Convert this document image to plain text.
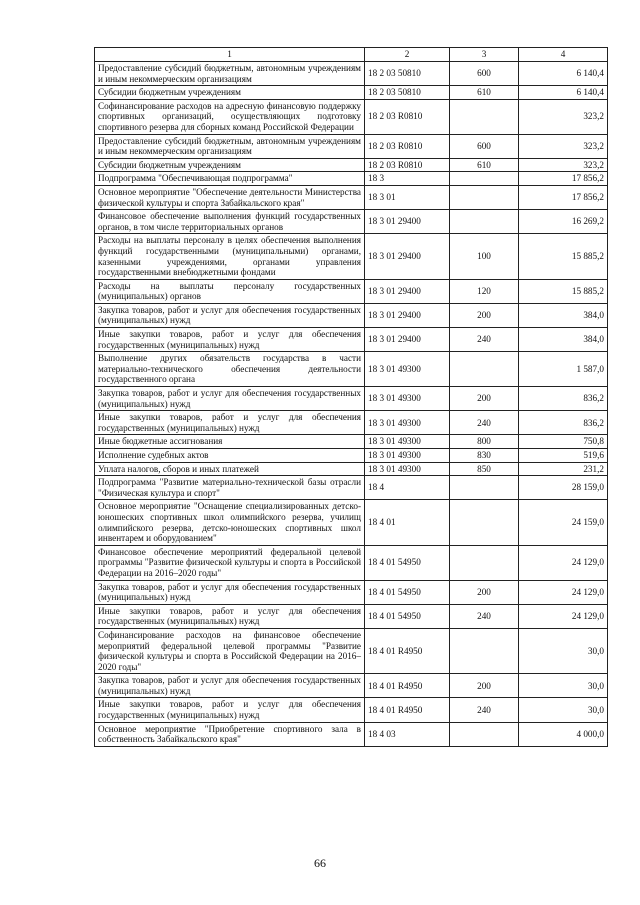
1	2	3	4
Предоставление субсидий бюджетным, автономным учреждениям и иным некоммерческим организациям	18 2 03 50810	600	6 140,4
Субсидии бюджетным учреждениям	18 2 03 50810	610	6 140,4
Софинансирование расходов на адресную финансовую поддержку спортивных организаций, осуществляющих подготовку спортивного резерва для сборных команд Российской Федерации	18 2 03 R0810		323,2
Предоставление субсидий бюджетным, автономным учреждениям и иным некоммерческим организациям	18 2 03 R0810	600	323,2
Субсидии бюджетным учреждениям	18 2 03 R0810	610	323,2
Подпрограмма "Обеспечивающая подпрограмма"	18 3		17 856,2
Основное мероприятие "Обеспечение деятельности Министерства физической культуры и спорта Забайкальского края"	18 3 01		17 856,2
Финансовое обеспечение выполнения функций государственных органов, в том числе территориальных органов	18 3 01 29400		16 269,2
Расходы на выплаты персоналу в целях обеспечения выполнения функций государственными (муниципальными) органами, казенными учреждениями, органами управления государственными внебюджетными фондами	18 3 01 29400	100	15 885,2
Расходы на выплаты персоналу государственных (муниципальных) органов	18 3 01 29400	120	15 885,2
Закупка товаров, работ и услуг для обеспечения государственных (муниципальных) нужд	18 3 01 29400	200	384,0
Иные закупки товаров, работ и услуг для обеспечения государственных (муниципальных) нужд	18 3 01 29400	240	384,0
Выполнение других обязательств государства в части материально-технического обеспечения деятельности государственного органа	18 3 01 49300		1 587,0
Закупка товаров, работ и услуг для обеспечения государственных (муниципальных) нужд	18 3 01 49300	200	836,2
Иные закупки товаров, работ и услуг для обеспечения государственных (муниципальных) нужд	18 3 01 49300	240	836,2
Иные бюджетные ассигнования	18 3 01 49300	800	750,8
Исполнение судебных актов	18 3 01 49300	830	519,6
Уплата налогов, сборов и иных платежей	18 3 01 49300	850	231,2
Подпрограмма "Развитие материально-технической базы отрасли "Физическая культура и спорт"	18 4		28 159,0
Основное мероприятие "Оснащение специализированных детско-юношеских спортивных школ олимпийского резерва, училищ олимпийского резерва, детско-юношеских спортивных школ инвентарем и оборудованием"	18 4 01		24 159,0
Финансовое обеспечение мероприятий федеральной целевой программы "Развитие физической культуры и спорта в Российской Федерации на 2016–2020 годы"	18 4 01 54950		24 129,0
Закупка товаров, работ и услуг для обеспечения государственных (муниципальных) нужд	18 4 01 54950	200	24 129,0
Иные закупки товаров, работ и услуг для обеспечения государственных (муниципальных) нужд	18 4 01 54950	240	24 129,0
Софинансирование расходов на финансовое обеспечение мероприятий федеральной целевой программы "Развитие физической культуры и спорта в Российской Федерации на 2016–2020 годы"	18 4 01 R4950		30,0
Закупка товаров, работ и услуг для обеспечения государственных (муниципальных) нужд	18 4 01 R4950	200	30,0
Иные закупки товаров, работ и услуг для обеспечения государственных (муниципальных) нужд	18 4 01 R4950	240	30,0
Основное мероприятие "Приобретение спортивного зала в собственность Забайкальского края"	18 4 03		4 000,0
66
